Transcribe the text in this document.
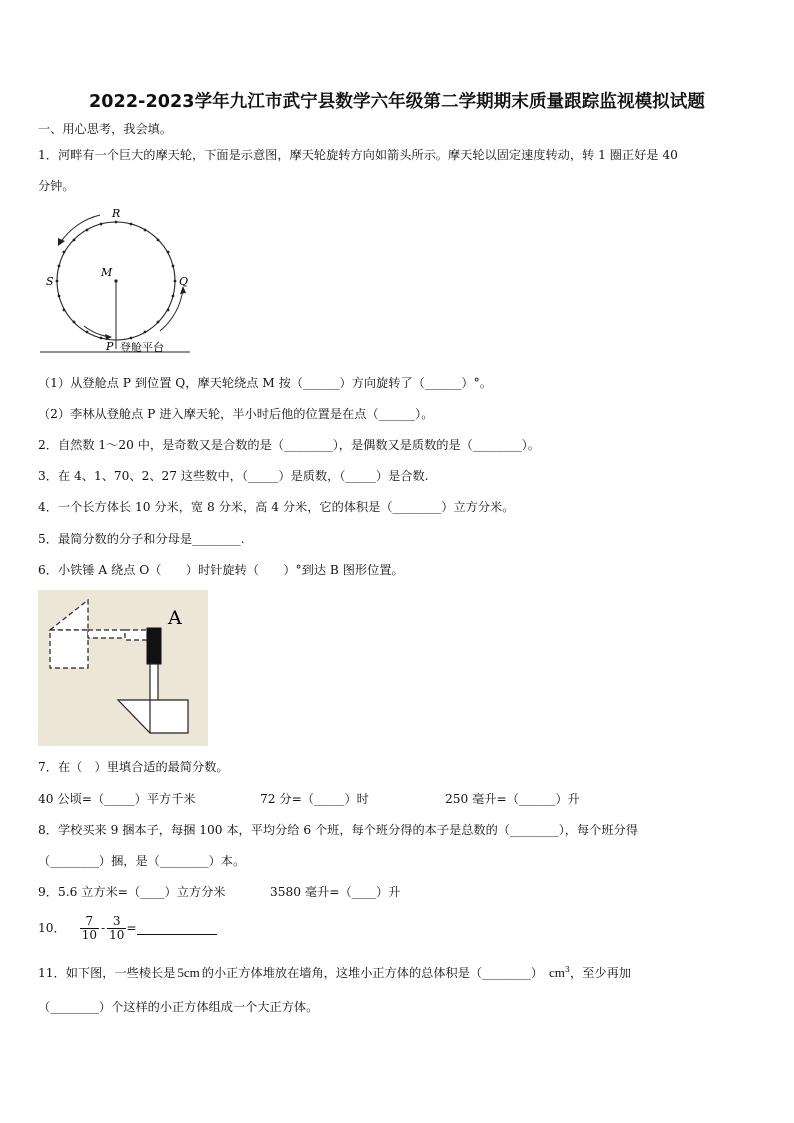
2022-2023学年九江市武宁县数学六年级第二学期期末质量跟踪监视模拟试题
一、用心思考，我会填。
1．河畔有一个巨大的摩天轮，下面是示意图，摩天轮旋转方向如箭头所示。摩天轮以固定速度转动，转 1 圈正好是 40
分钟。
R
S
M
Q
P 登舱平台
（1）从登舱点 P 到位置 Q，摩天轮绕点 M 按（______）方向旋转了（______）°。
（2）李林从登舱点 P 进入摩天轮，半小时后他的位置是在点（______）。
2．自然数 1～20 中，是奇数又是合数的是（________），是偶数又是质数的是（________）。
3．在 4、1、70、2、27 这些数中，（_____）是质数，（_____）是合数.
4．一个长方体长 10 分米，宽 8 分米，高 4 分米，它的体积是（________）立方分米。
5．最简分数的分子和分母是________.
6．小铁锤 A 绕点 O（　　）时针旋转（　　）°到达 B 图形位置。
A
7．在（　）里填合适的最简分数。
40 公顷=（_____）平方千米	72 分=（_____）时	250 毫升=（______）升
8．学校买来 9 捆本子，每捆 100 本，平均分给 6 个班，每个班分得的本子是总数的（________），每个班分得
（________）捆，是（________）本。
9．5.6 立方米=（____）立方分米	3580 毫升=（____）升
10． $\frac{7}{10} - \frac{3}{10}$ =
11．如下图，一些棱长是 5cm 的小正方体堆放在墙角，这堆小正方体的总体积是（________） $cm^3$，至少再加
（________）个这样的小正方体组成一个大正方体。
